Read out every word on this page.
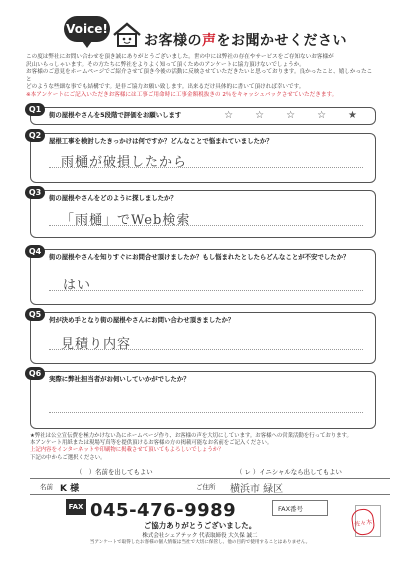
Voice!
お客様の声をお聞かせください
この度は弊社にお問い合わせを頂き誠にありがとうございました。世の中には弊社の存在やサービスをご存知ないお客様が
沢山いらっしゃいます。その方たちに弊社をよりよく知って頂くためのアンケートに協力頂けないでしょうか。
お客様のご意見をホームページでご紹介させて頂き今後の活動に反映させていただきたいと思っております。良かったこと、嬉しかったこと
どのような些細な事でも結構です。是非ご協力お願い致します。出来るだけ具体的に書いて頂ければ幸いです。
※本アンケートにご記入いただきお客様には工事ご用命時に工事金額税抜きの 2％をキャッシュバックさせていただきます。
Q1
街の屋根やさんを5段階で評価をお願いします	☆ ☆ ☆ ☆ ★
Q2
屋根工事を検討したきっかけは何ですか？どんなことで悩まれていましたか？
雨樋が破損したから
Q3
街の屋根やさんをどのように探しましたか？
「雨樋」でWeb検索
Q4
街の屋根やさんを知りすぐにお問合せ頂けましたか？もし悩まれたとしたらどんなことが不安でしたか？
はい
Q5
何が決め手となり街の屋根やさんにお問い合わせ頂きましたか？
見積り内容
Q6
実際に弊社担当者がお伺いしていかがでしたか？
★弊社は公立宣伝費を極力かけない為にホームページ作り、お客様の声を大切にしています。お客様への営業活動を行っております。
本アンケート用紙または現場写真等を提供頂けるお客様の方の掲載可能なお名前をご記入ください。
上記内容をインターネットや印刷物に掲載させて頂いてもよろしいでしょうか？
下記の中からご選択ください。
（　）名前を出してもよい	（ レ ）イニシャルなら出してもよい
名前 K 様	ご住所 横浜市 緑区
FAX 045-476-9989	FAX番号
ご協力ありがとうございました。
株式会社シェアテック 代表取締役 大久保 誠二
当アンケートで取得したお客様の個人情報は当社で大切に保管し、他の目的で使用することはありません。
佐々木
